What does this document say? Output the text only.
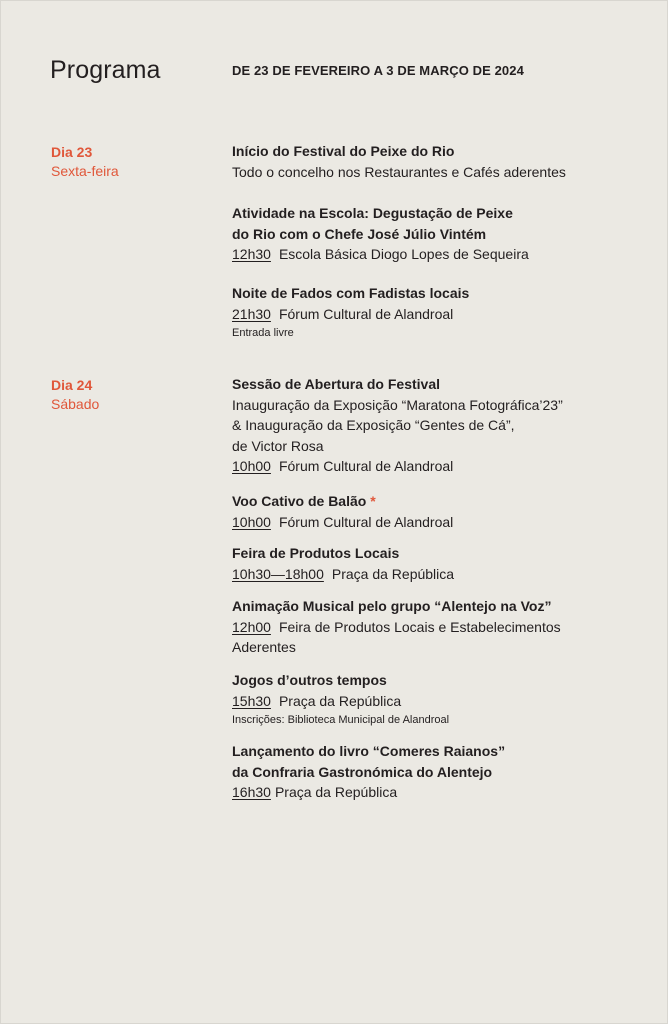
Programa	DE 23 DE FEVEREIRO A 3 DE MARÇO DE 2024
Dia 23
Sexta-feira
Início do Festival do Peixe do Rio
Todo o concelho nos Restaurantes e Cafés aderentes
Atividade na Escola: Degustação de Peixe
do Rio com o Chefe José Júlio Vintém
12h30 Escola Básica Diogo Lopes de Sequeira
Noite de Fados com Fadistas locais
21h30 Fórum Cultural de Alandroal
Entrada livre
Dia 24
Sábado
Sessão de Abertura do Festival
Inauguração da Exposição “Maratona Fotográfica’23”
& Inauguração da Exposição “Gentes de Cá”,
de Victor Rosa
10h00 Fórum Cultural de Alandroal
Voo Cativo de Balão *
10h00 Fórum Cultural de Alandroal
Feira de Produtos Locais
10h30—18h00 Praça da República
Animação Musical pelo grupo “Alentejo na Voz”
12h00 Feira de Produtos Locais e Estabelecimentos
Aderentes
Jogos d’outros tempos
15h30 Praça da República
Inscrições: Biblioteca Municipal de Alandroal
Lançamento do livro “Comeres Raianos”
da Confraria Gastronómica do Alentejo
16h30 Praça da República
